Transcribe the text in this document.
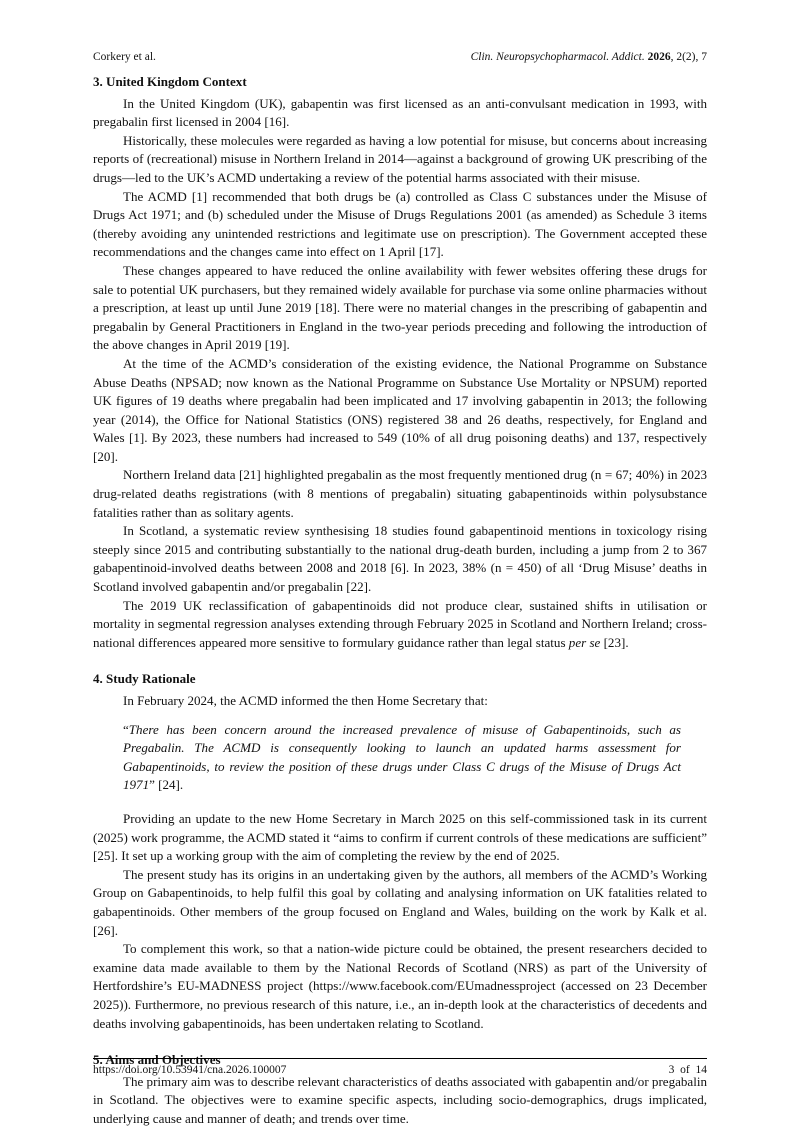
Corkery et al.	Clin. Neuropsychopharmacol. Addict. 2026, 2(2), 7
3. United Kingdom Context

In the United Kingdom (UK), gabapentin was first licensed as an anti-convulsant medication in 1993, with pregabalin first licensed in 2004 [16].

Historically, these molecules were regarded as having a low potential for misuse, but concerns about increasing reports of (recreational) misuse in Northern Ireland in 2014—against a background of growing UK prescribing of the drugs—led to the UK’s ACMD undertaking a review of the potential harms associated with their misuse.

The ACMD [1] recommended that both drugs be (a) controlled as Class C substances under the Misuse of Drugs Act 1971; and (b) scheduled under the Misuse of Drugs Regulations 2001 (as amended) as Schedule 3 items (thereby avoiding any unintended restrictions and legitimate use on prescription). The Government accepted these recommendations and the changes came into effect on 1 April [17].

These changes appeared to have reduced the online availability with fewer websites offering these drugs for sale to potential UK purchasers, but they remained widely available for purchase via some online pharmacies without a prescription, at least up until June 2019 [18]. There were no material changes in the prescribing of gabapentin and pregabalin by General Practitioners in England in the two-year periods preceding and following the introduction of the above changes in April 2019 [19].

At the time of the ACMD’s consideration of the existing evidence, the National Programme on Substance Abuse Deaths (NPSAD; now known as the National Programme on Substance Use Mortality or NPSUM) reported UK figures of 19 deaths where pregabalin had been implicated and 17 involving gabapentin in 2013; the following year (2014), the Office for National Statistics (ONS) registered 38 and 26 deaths, respectively, for England and Wales [1]. By 2023, these numbers had increased to 549 (10% of all drug poisoning deaths) and 137, respectively [20].

Northern Ireland data [21] highlighted pregabalin as the most frequently mentioned drug (n = 67; 40%) in 2023 drug-related deaths registrations (with 8 mentions of pregabalin) situating gabapentinoids within polysubstance fatalities rather than as solitary agents.

In Scotland, a systematic review synthesising 18 studies found gabapentinoid mentions in toxicology rising steeply since 2015 and contributing substantially to the national drug-death burden, including a jump from 2 to 367 gabapentinoid-involved deaths between 2008 and 2018 [6]. In 2023, 38% (n = 450) of all ‘Drug Misuse’ deaths in Scotland involved gabapentin and/or pregabalin [22].

The 2019 UK reclassification of gabapentinoids did not produce clear, sustained shifts in utilisation or mortality in segmental regression analyses extending through February 2025 in Scotland and Northern Ireland; cross-national differences appeared more sensitive to formulary guidance rather than legal status per se [23].

4. Study Rationale

In February 2024, the ACMD informed the then Home Secretary that:

“There has been concern around the increased prevalence of misuse of Gabapentinoids, such as Pregabalin. The ACMD is consequently looking to launch an updated harms assessment for Gabapentinoids, to review the position of these drugs under Class C drugs of the Misuse of Drugs Act 1971” [24].

Providing an update to the new Home Secretary in March 2025 on this self-commissioned task in its current (2025) work programme, the ACMD stated it “aims to confirm if current controls of these medications are sufficient” [25]. It set up a working group with the aim of completing the review by the end of 2025.

The present study has its origins in an undertaking given by the authors, all members of the ACMD’s Working Group on Gabapentinoids, to help fulfil this goal by collating and analysing information on UK fatalities related to gabapentinoids. Other members of the group focused on England and Wales, building on the work by Kalk et al. [26].

To complement this work, so that a nation-wide picture could be obtained, the present researchers decided to examine data made available to them by the National Records of Scotland (NRS) as part of the University of Hertfordshire’s EU-MADNESS project (https://www.facebook.com/EUmadnessproject (accessed on 23 December 2025)). Furthermore, no previous research of this nature, i.e., an in-depth look at the characteristics of decedents and deaths involving gabapentinoids, has been undertaken relating to Scotland.

5. Aims and Objectives

The primary aim was to describe relevant characteristics of deaths associated with gabapentin and/or pregabalin in Scotland. The objectives were to examine specific aspects, including socio-demographics, drugs implicated, underlying cause and manner of death; and trends over time.

https://doi.org/10.53941/cna.2026.100007	3  of  14
